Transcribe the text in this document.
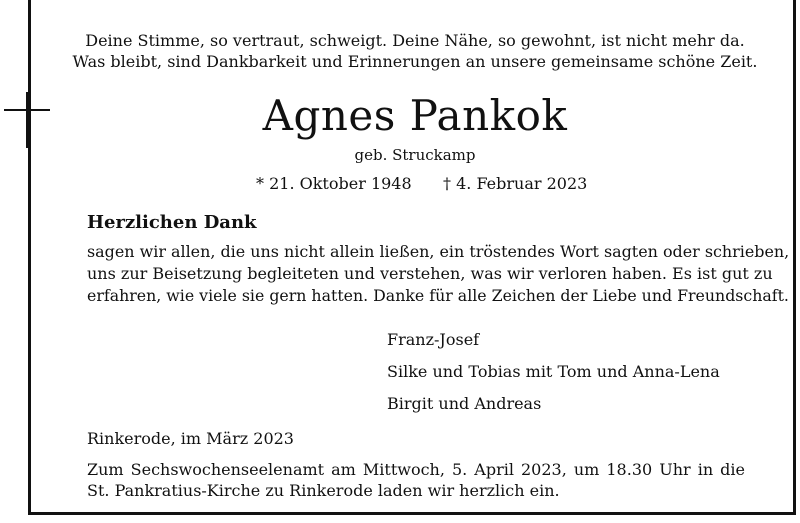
Deine Stimme, so vertraut, schweigt. Deine Nähe, so gewohnt, ist nicht mehr da.
Was bleibt, sind Dankbarkeit und Erinnerungen an unsere gemeinsame schöne Zeit.
Agnes Pankok
geb. Struckamp
* 21. Oktober 1948 † 4. Februar 2023
Herzlichen Dank
sagen wir allen, die uns nicht allein ließen, ein tröstendes Wort sagten oder schrieben,
uns zur Beisetzung begleiteten und verstehen, was wir verloren haben. Es ist gut zu
erfahren, wie viele sie gern hatten. Danke für alle Zeichen der Liebe und Freundschaft.
Franz-Josef
Silke und Tobias mit Tom und Anna-Lena
Birgit und Andreas
Rinkerode, im März 2023
Zum Sechswochenseelenamt am Mittwoch, 5. April 2023, um 18.30 Uhr in die
St. Pankratius-Kirche zu Rinkerode laden wir herzlich ein.
